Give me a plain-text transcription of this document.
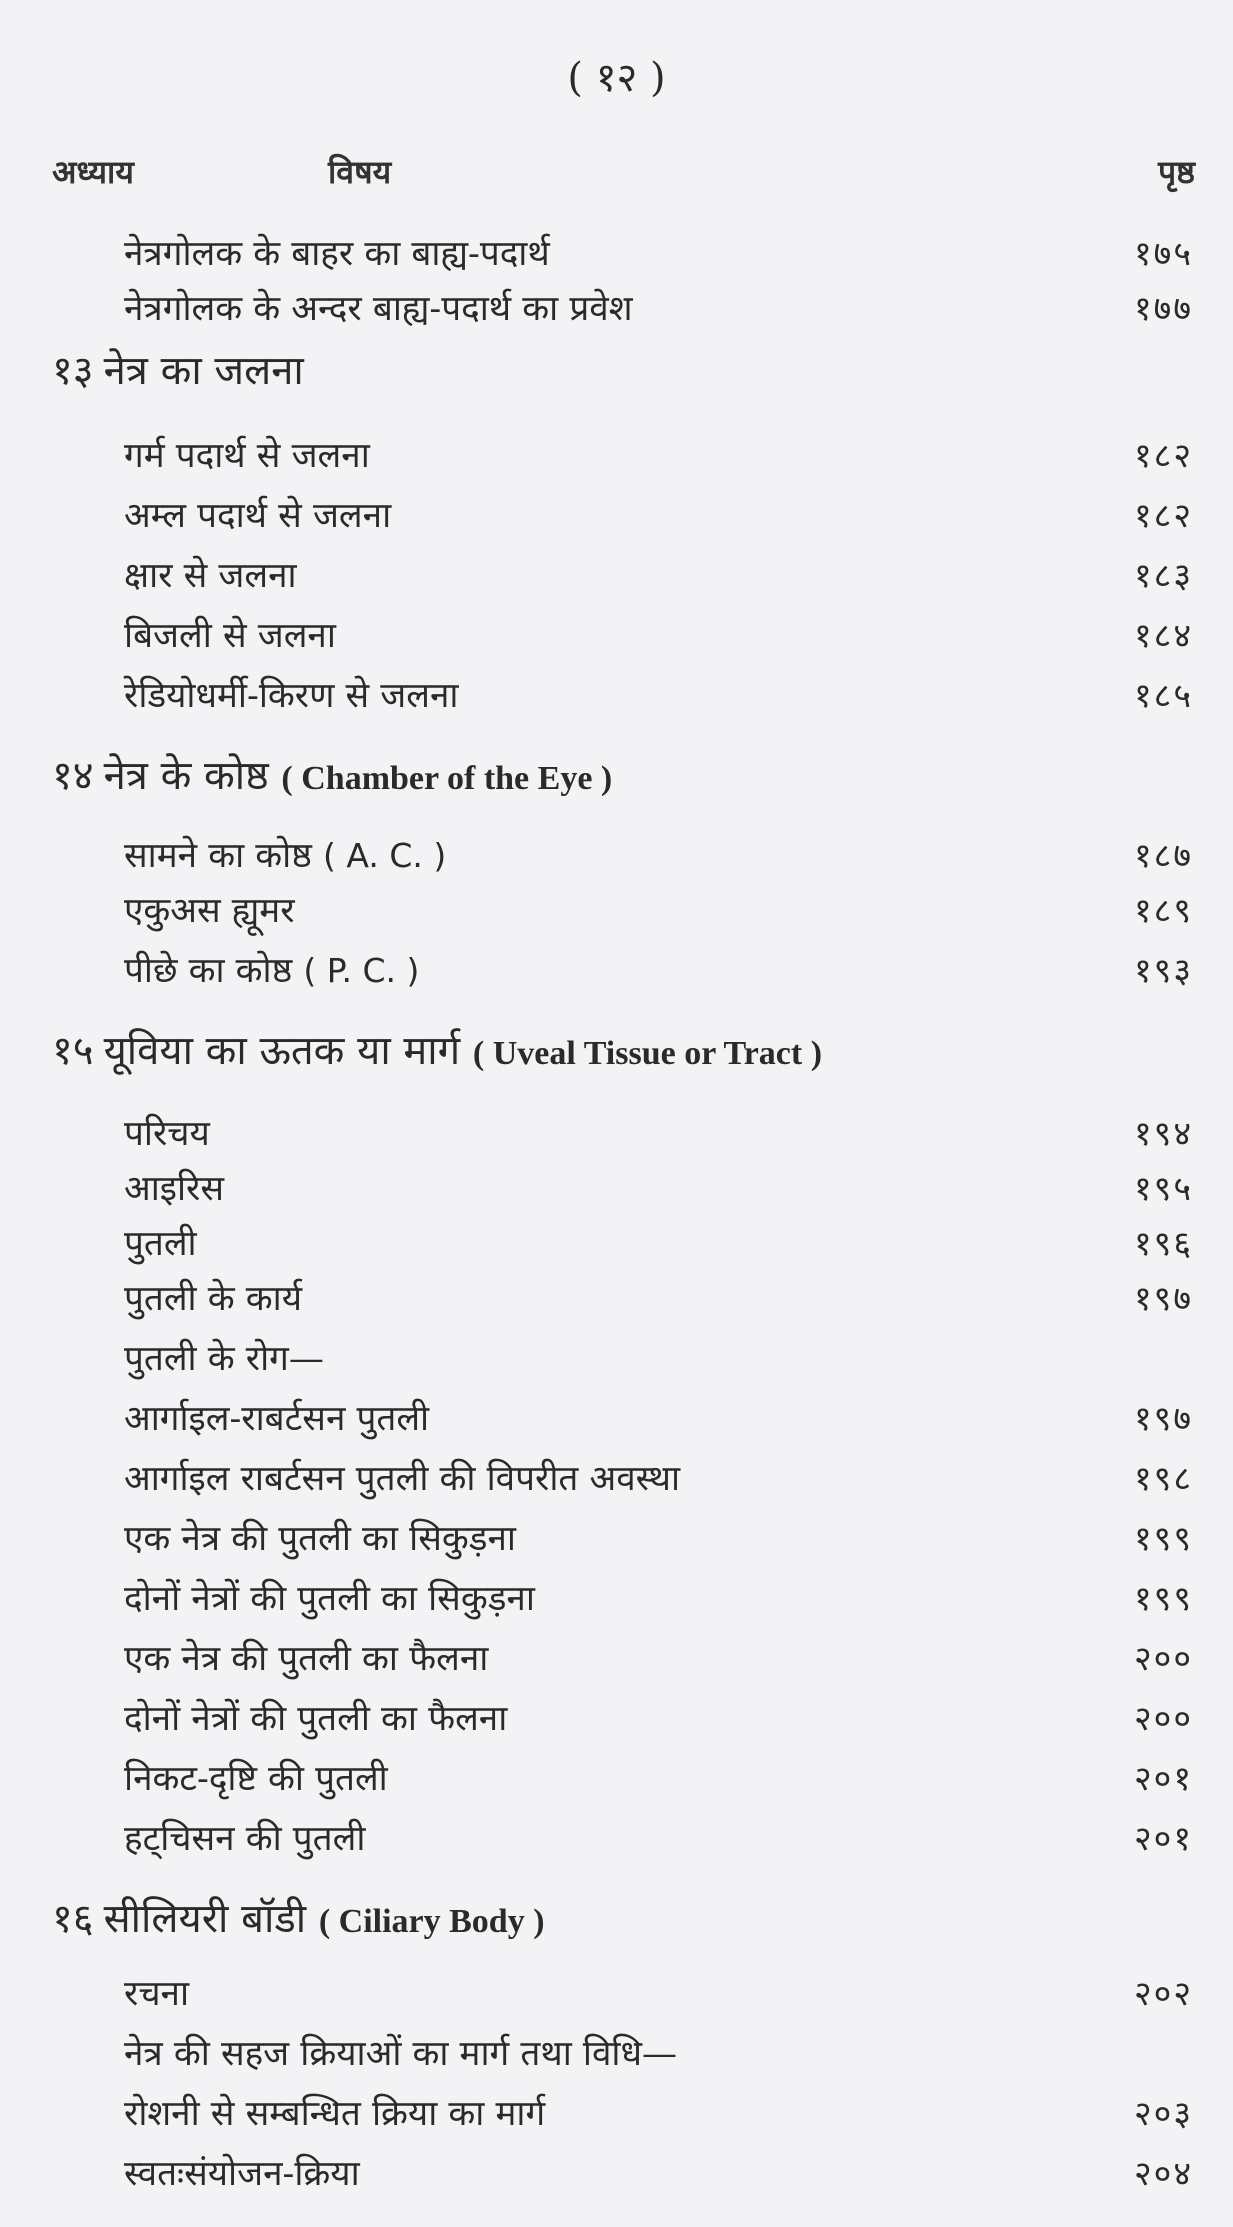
( १२ )
अध्याय	विषय	पृष्ठ
नेत्रगोलक के बाहर का बाह्य-पदार्थ	१७५
नेत्रगोलक के अन्दर बाह्य-पदार्थ का प्रवेश	१७७
१३ नेत्र का जलना
गर्म पदार्थ से जलना	१८२
अम्ल पदार्थ से जलना	१८२
क्षार से जलना	१८३
बिजली से जलना	१८४
रेडियोधर्मी-किरण से जलना	१८५
१४ नेत्र के कोष्ठ ( Chamber of the Eye )
सामने का कोष्ठ ( A. C. )	१८७
एकुअस ह्यूमर	१८९
पीछे का कोष्ठ ( P. C. )	१९३
१५ यूविया का ऊतक या मार्ग ( Uveal Tissue or Tract )
परिचय	१९४
आइरिस	१९५
पुतली	१९६
पुतली के कार्य	१९७
पुतली के रोग—
आर्गाइल-राबर्टसन पुतली	१९७
आर्गाइल राबर्टसन पुतली की विपरीत अवस्था	१९८
एक नेत्र की पुतली का सिकुड़ना	१९९
दोनों नेत्रों की पुतली का सिकुड़ना	१९९
एक नेत्र की पुतली का फैलना	२००
दोनों नेत्रों की पुतली का फैलना	२००
निकट-दृष्टि की पुतली	२०१
हट्चिसन की पुतली	२०१
१६ सीलियरी बॉडी ( Ciliary Body )
रचना	२०२
नेत्र की सहज क्रियाओं का मार्ग तथा विधि—
रोशनी से सम्बन्धित क्रिया का मार्ग	२०३
स्वतःसंयोजन-क्रिया	२०४
